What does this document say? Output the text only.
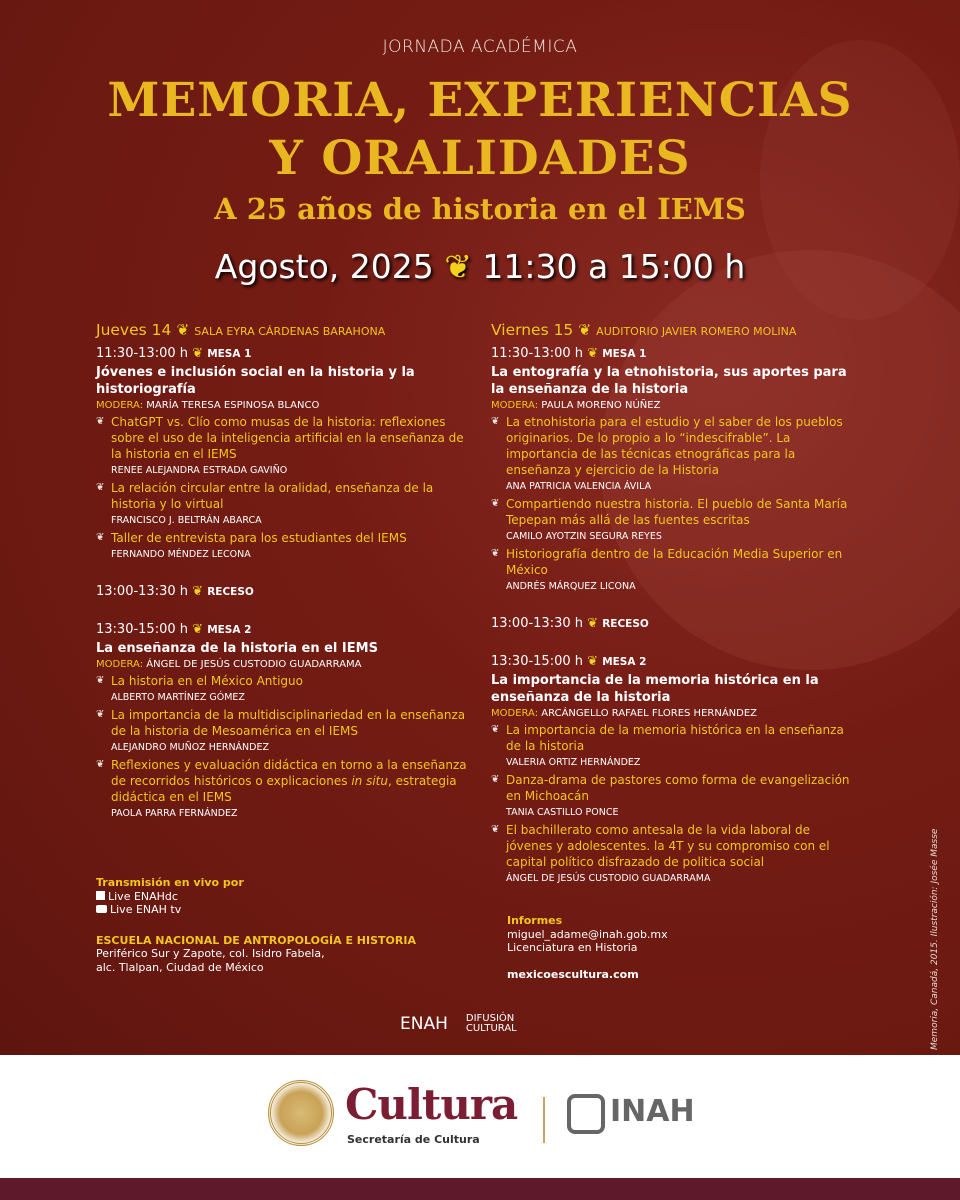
JORNADA ACADÉMICA
MEMORIA, EXPERIENCIAS
Y ORALIDADES
A 25 años de historia en el IEMS
Agosto, 2025 ❦ 11:30 a 15:00 h
Jueves 14 ❦ SALA EYRA CÁRDENAS BARAHONA
11:30-13:00 h ❦ MESA 1
Jóvenes e inclusión social en la historia y la historiografía
MODERA: MARÍA TERESA ESPINOSA BLANCO
❦ ChatGPT vs. Clío como musas de la historia: reflexiones sobre el uso de la inteligencia artificial en la enseñanza de la historia en el IEMS
RENEE ALEJANDRA ESTRADA GAVIÑO
❦ La relación circular entre la oralidad, enseñanza de la historia y lo virtual
FRANCISCO J. BELTRÁN ABARCA
❦ Taller de entrevista para los estudiantes del IEMS
FERNANDO MÉNDEZ LECONA
13:00-13:30 h ❦ RECESO
13:30-15:00 h ❦ MESA 2
La enseñanza de la historia en el IEMS
MODERA: ÁNGEL DE JESÚS CUSTODIO GUADARRAMA
❦ La historia en el México Antiguo
ALBERTO MARTÍNEZ GÓMEZ
❦ La importancia de la multidisciplinariedad en la enseñanza de la historia de Mesoamérica en el IEMS
ALEJANDRO MUÑOZ HERNÁNDEZ
❦ Reflexiones y evaluación didáctica en torno a la enseñanza de recorridos históricos o explicaciones in situ, estrategia didáctica en el IEMS
PAOLA PARRA FERNÁNDEZ
Viernes 15 ❦ AUDITORIO JAVIER ROMERO MOLINA
11:30-13:00 h ❦ MESA 1
La entografía y la etnohistoria, sus aportes para la enseñanza de la historia
MODERA: PAULA MORENO NÚÑEZ
❦ La etnohistoria para el estudio y el saber de los pueblos originarios. De lo propio a lo “indescifrable”. La importancia de las técnicas etnográficas para la enseñanza y ejercicio de la Historia
ANA PATRICIA VALENCIA ÁVILA
❦ Compartiendo nuestra historia. El pueblo de Santa María Tepepan más allá de las fuentes escritas
CAMILO AYOTZIN SEGURA REYES
❦ Historiografía dentro de la Educación Media Superior en México
ANDRÉS MÁRQUEZ LICONA
13:00-13:30 h ❦ RECESO
13:30-15:00 h ❦ MESA 2
La importancia de la memoria histórica en la enseñanza de la historia
MODERA: ARCÁNGELLO RAFAEL FLORES HERNÁNDEZ
❦ La importancia de la memoria histórica en la enseñanza de la historia
VALERIA ORTIZ HERNÁNDEZ
❦ Danza-drama de pastores como forma de evangelización en Michoacán
TANIA CASTILLO PONCE
❦ El bachillerato como antesala de la vida laboral de jóvenes y adolescentes. la 4T y su compromiso con el capital político disfrazado de politica social
ÁNGEL DE JESÚS CUSTODIO GUADARRAMA
Transmisión en vivo por
Live ENAHdc
Live ENAH tv
ESCUELA NACIONAL DE ANTROPOLOGÍA E HISTORIA
Periférico Sur y Zapote, col. Isidro Fabela,
alc. Tlalpan, Ciudad de México
Informes
miguel_adame@inah.gob.mx
Licenciatura en Historia
mexicoescultura.com
ENAH DIFUSIÓN CULTURAL	Memoria, Canadá, 2015. Ilustración: Josée Masse
Cultura
Secretaría de Cultura
INAH
